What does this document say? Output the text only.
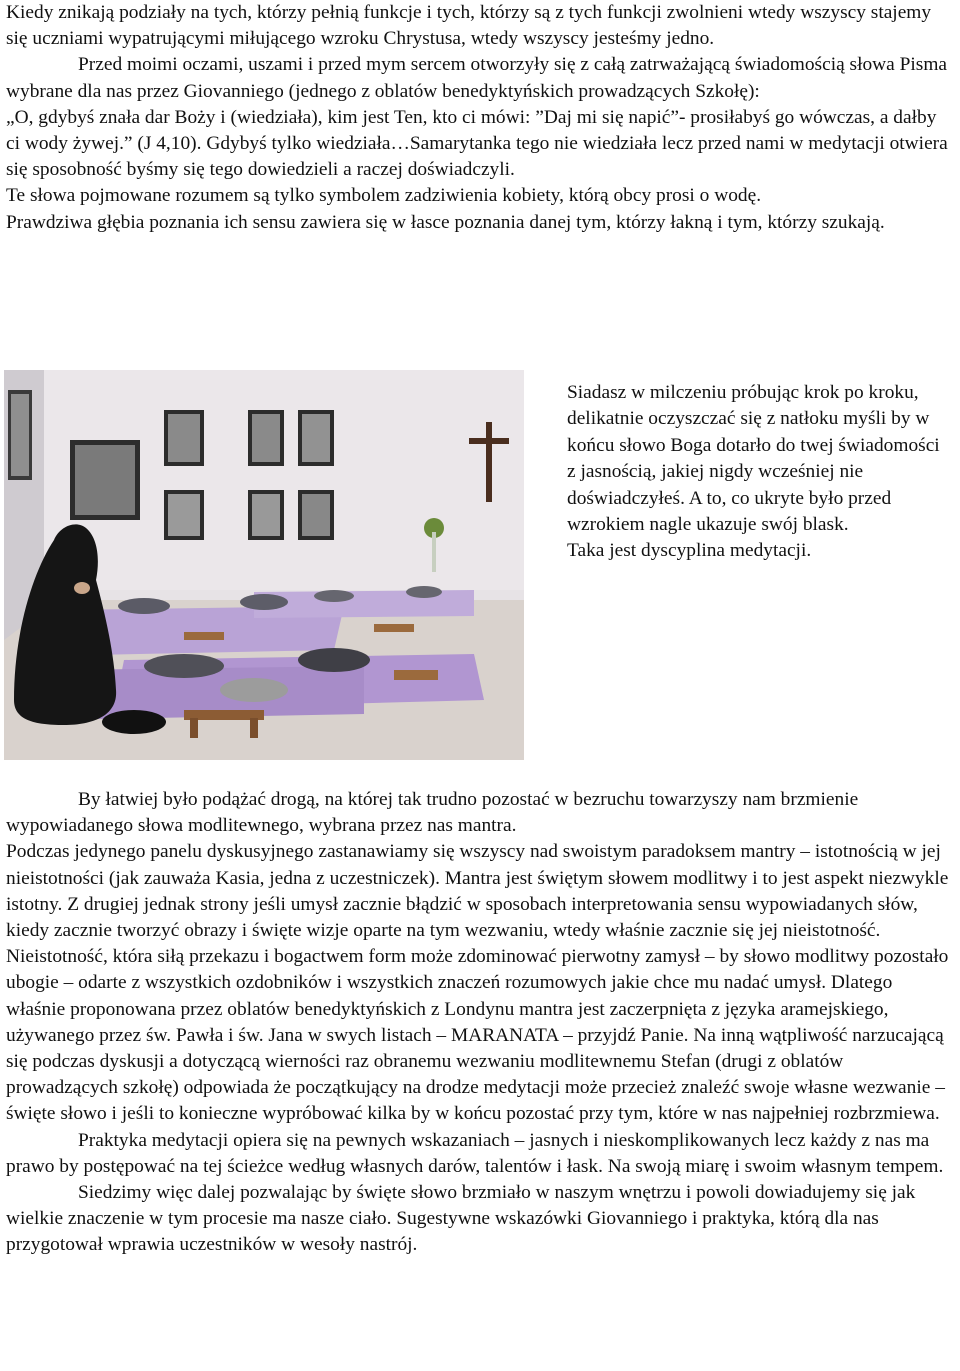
Kiedy znikają podziały na tych, którzy pełnią funkcje i tych, którzy są z tych funkcji zwolnieni wtedy wszyscy stajemy się uczniami wypatrującymi miłującego wzroku Chrystusa, wtedy wszyscy jesteśmy jedno.
Przed moimi oczami, uszami i przed mym sercem otworzyły się z całą zatrważającą świadomością słowa Pisma wybrane dla nas przez Giovanniego (jednego z oblatów benedyktyńskich prowadzących Szkołę):
„O, gdybyś znała dar Boży i (wiedziała), kim jest Ten, kto ci mówi: ”Daj mi się napić”- prosiłabyś go wówczas, a dałby ci wody żywej.” (J 4,10). Gdybyś tylko wiedziała…Samarytanka tego nie wiedziała lecz przed nami w medytacji otwiera się sposobność byśmy się tego dowiedzieli a raczej doświadczyli.
Te słowa pojmowane rozumem są tylko symbolem zadziwienia kobiety, którą obcy prosi o wodę.
Prawdziwa głębia poznania ich sensu zawiera się w łasce poznania danej tym, którzy łakną i tym, którzy szukają.
Siadasz w milczeniu próbując krok po kroku, delikatnie oczyszczać się z natłoku myśli by w końcu słowo Boga dotarło do twej świadomości z jasnością, jakiej nigdy wcześniej nie doświadczyłeś. A to, co ukryte było przed wzrokiem nagle ukazuje swój blask.
Taka jest dyscyplina medytacji.
By łatwiej było podążać drogą, na której tak trudno pozostać w bezruchu towarzyszy nam brzmienie wypowiadanego słowa modlitewnego, wybrana przez nas mantra.
Podczas jedynego panelu dyskusyjnego zastanawiamy się wszyscy nad swoistym paradoksem mantry – istotnością w jej nieistotności (jak zauważa Kasia, jedna z uczestniczek). Mantra jest świętym słowem modlitwy i to jest aspekt niezwykle istotny. Z drugiej jednak strony jeśli umysł zacznie błądzić w sposobach interpretowania sensu wypowiadanych słów, kiedy zacznie tworzyć obrazy i święte wizje oparte na tym wezwaniu, wtedy właśnie zacznie się jej nieistotność. Nieistotność, która siłą przekazu i bogactwem form może zdominować pierwotny zamysł – by słowo modlitwy pozostało ubogie – odarte z wszystkich ozdobników i wszystkich znaczeń rozumowych jakie chce mu nadać umysł. Dlatego właśnie proponowana przez oblatów benedyktyńskich z Londynu mantra jest zaczerpnięta z języka aramejskiego, używanego przez św. Pawła i św. Jana w swych listach – MARANATA – przyjdź Panie. Na inną wątpliwość narzucającą się podczas dyskusji a dotyczącą wierności raz obranemu wezwaniu modlitewnemu Stefan (drugi z oblatów prowadzących szkołę) odpowiada że początkujący na drodze medytacji może przecież znaleźć swoje własne wezwanie – święte słowo i jeśli to konieczne wypróbować kilka by w końcu pozostać przy tym, które w nas najpełniej rozbrzmiewa.
Praktyka medytacji opiera się na pewnych wskazaniach – jasnych i nieskomplikowanych lecz każdy z nas ma prawo by postępować na tej ścieżce według własnych darów, talentów i łask. Na swoją miarę i swoim własnym tempem.
Siedzimy więc dalej pozwalając by święte słowo brzmiało w naszym wnętrzu i powoli dowiadujemy się jak wielkie znaczenie w tym procesie ma nasze ciało. Sugestywne wskazówki Giovanniego i praktyka, którą dla nas przygotował wprawia uczestników w wesoły nastrój.
